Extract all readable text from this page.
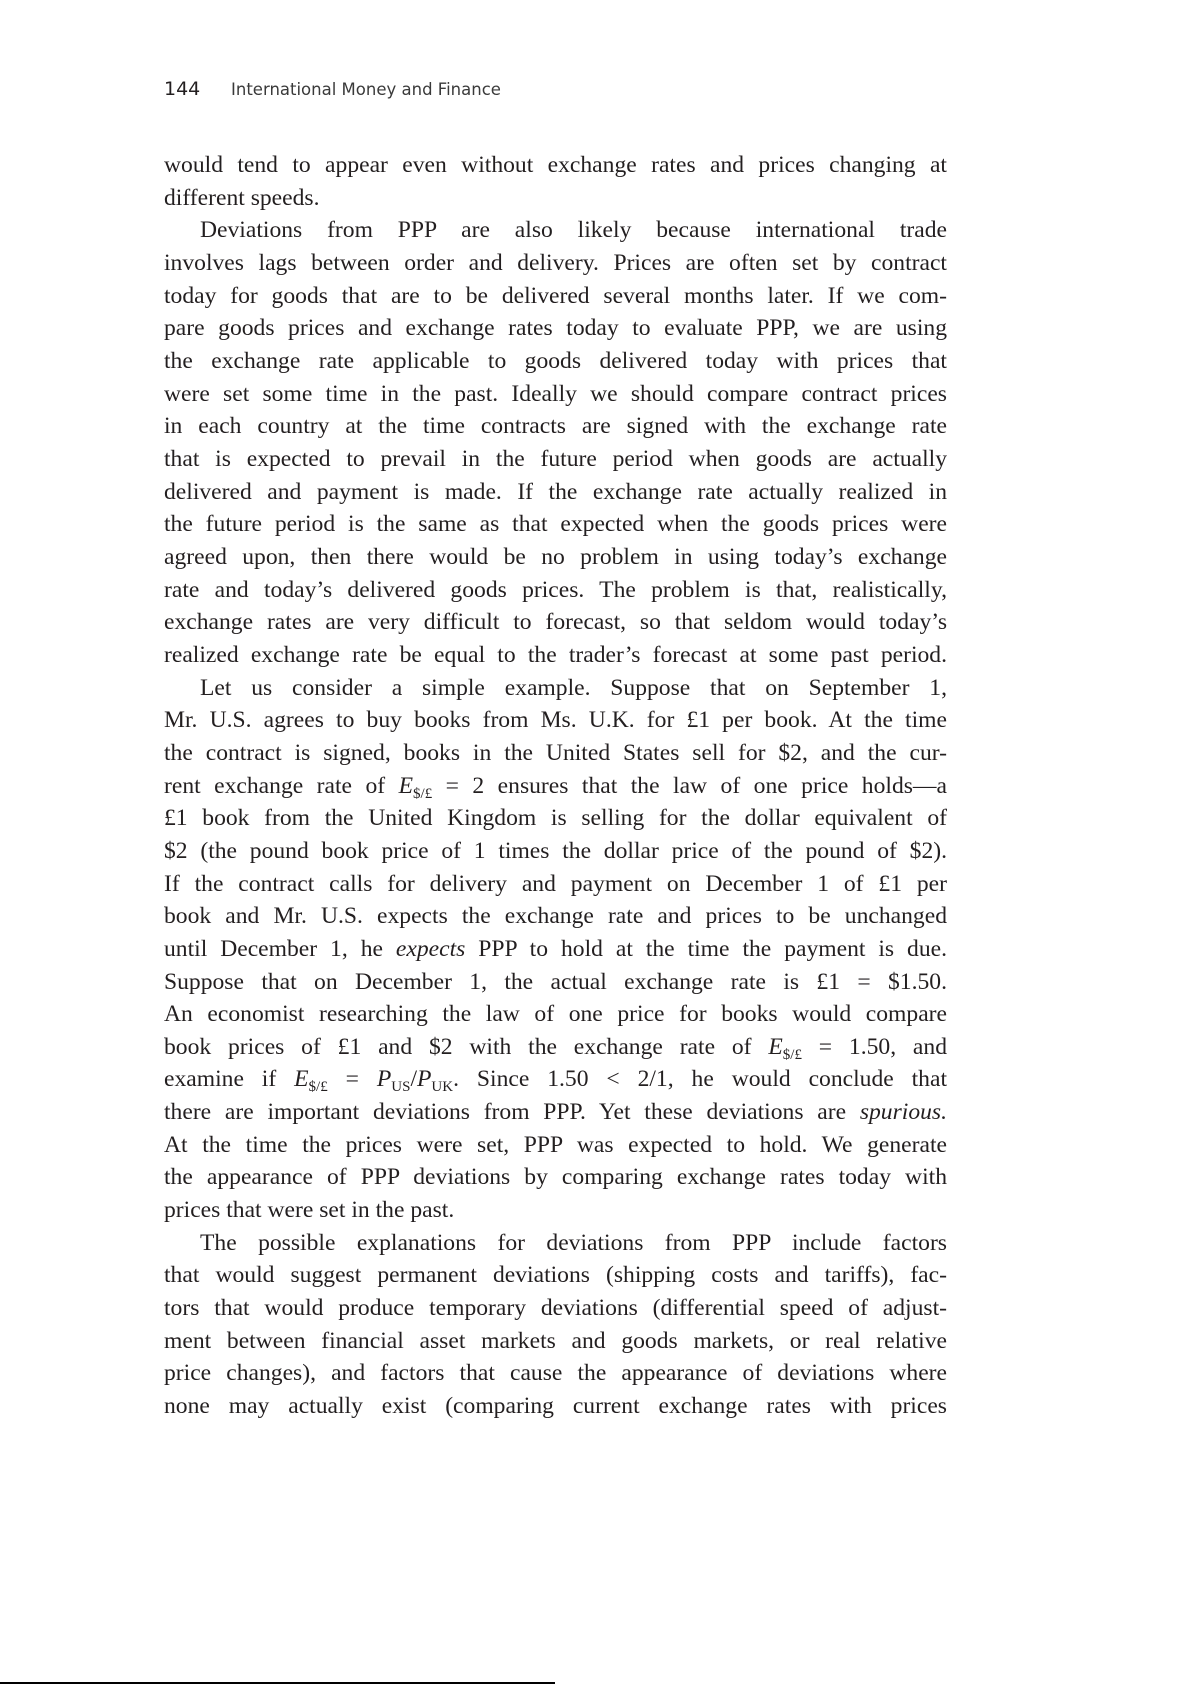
144 International Money and Finance
would tend to appear even without exchange rates and prices changing at
different speeds.
Deviations from PPP are also likely because international trade
involves lags between order and delivery. Prices are often set by contract
today for goods that are to be delivered several months later. If we com-
pare goods prices and exchange rates today to evaluate PPP, we are using
the exchange rate applicable to goods delivered today with prices that
were set some time in the past. Ideally we should compare contract prices
in each country at the time contracts are signed with the exchange rate
that is expected to prevail in the future period when goods are actually
delivered and payment is made. If the exchange rate actually realized in
the future period is the same as that expected when the goods prices were
agreed upon, then there would be no problem in using today’s exchange
rate and today’s delivered goods prices. The problem is that, realistically,
exchange rates are very difficult to forecast, so that seldom would today’s
realized exchange rate be equal to the trader’s forecast at some past period.
Let us consider a simple example. Suppose that on September 1,
Mr. U.S. agrees to buy books from Ms. U.K. for £1 per book. At the time
the contract is signed, books in the United States sell for $2, and the cur-
rent exchange rate of $E_{\$/£} = 2$ ensures that the law of one price holds—a
£1 book from the United Kingdom is selling for the dollar equivalent of
$2 (the pound book price of 1 times the dollar price of the pound of $2).
If the contract calls for delivery and payment on December 1 of £1 per
book and Mr. U.S. expects the exchange rate and prices to be unchanged
until December 1, he expects PPP to hold at the time the payment is due.
Suppose that on December 1, the actual exchange rate is £1 = $1.50.
An economist researching the law of one price for books would compare
book prices of £1 and $2 with the exchange rate of $E_{\$/£} = 1.50$, and
examine if $E_{\$/£} = P_{US}/P_{UK}$. Since 1.50 < 2/1, he would conclude that
there are important deviations from PPP. Yet these deviations are spurious.
At the time the prices were set, PPP was expected to hold. We generate
the appearance of PPP deviations by comparing exchange rates today with
prices that were set in the past.
The possible explanations for deviations from PPP include factors
that would suggest permanent deviations (shipping costs and tariffs), fac-
tors that would produce temporary deviations (differential speed of adjust-
ment between financial asset markets and goods markets, or real relative
price changes), and factors that cause the appearance of deviations where
none may actually exist (comparing current exchange rates with prices
